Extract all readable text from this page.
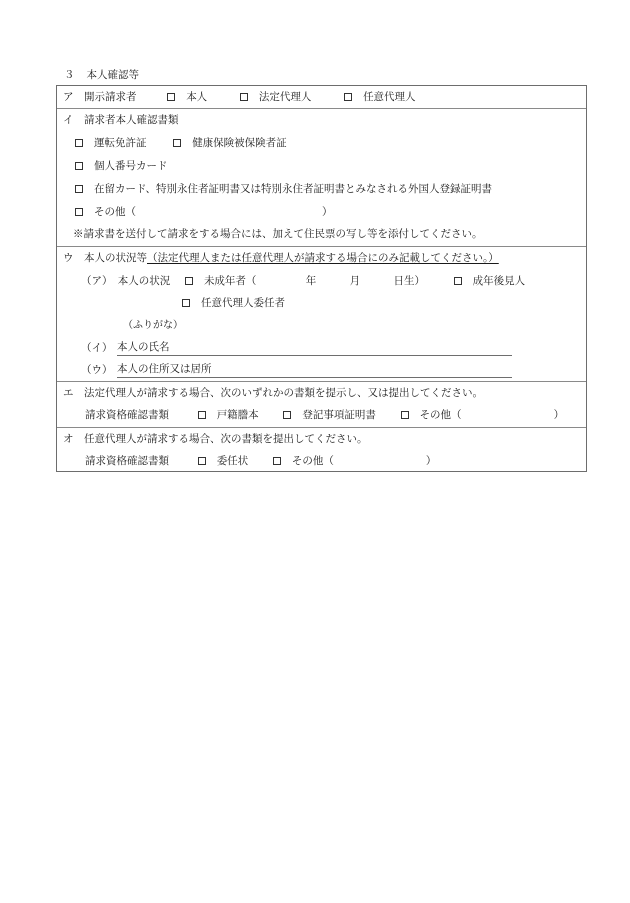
３ 本人確認等
ア　開示請求者	本人	法定代理人	任意代理人
イ　請求者本人確認書類
運転免許証	健康保険被保険者証
個人番号カード
在留カード、特別永住者証明書又は特別永住者証明書とみなされる外国人登録証明書
その他（	）
※請求書を送付して請求をする場合には、加えて住民票の写し等を添付してください。
ウ　本人の状況等（法定代理人または任意代理人が請求する場合にのみ記載してください。）
（ア）　本人の状況	未成年者（	年	月	日生）	成年後見人
任意代理人委任者
（ふりがな）
（イ） 本人の氏名
（ウ） 本人の住所又は居所
エ　法定代理人が請求する場合、次のいずれかの書類を提示し、又は提出してください。
請求資格確認書類	戸籍謄本	登記事項証明書	その他（	）
オ　任意代理人が請求する場合、次の書類を提出してください。
請求資格確認書類	委任状	その他（	）
